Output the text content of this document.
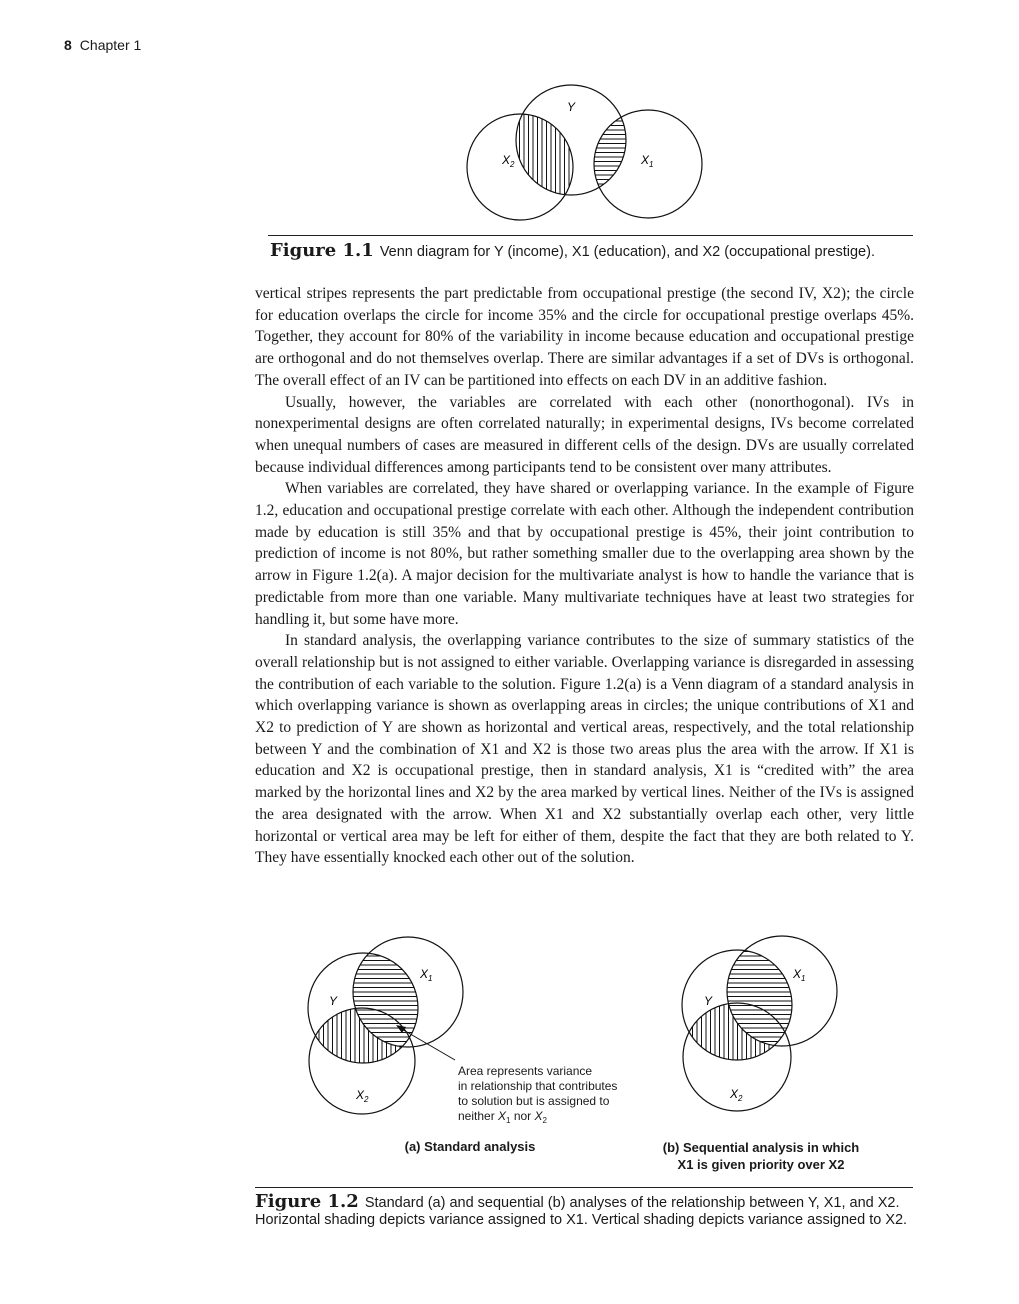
8 Chapter 1
Y
$X_2$	$X_1$
Figure 1.1 Venn diagram for Y (income), X1 (education), and X2 (occupational prestige).

vertical stripes represents the part predictable from occupational prestige (the second IV, X2); the circle for education overlaps the circle for income 35% and the circle for occupational prestige overlaps 45%. Together, they account for 80% of the variability in income because education and occupational prestige are orthogonal and do not themselves overlap. There are similar advantages if a set of DVs is orthogonal. The overall effect of an IV can be partitioned into effects on each DV in an additive fashion.

Usually, however, the variables are correlated with each other (nonorthogonal). IVs in nonexperimental designs are often correlated naturally; in experimental designs, IVs become correlated when unequal numbers of cases are measured in different cells of the design. DVs are usually correlated because individual differences among participants tend to be consistent over many attributes.

When variables are correlated, they have shared or overlapping variance. In the example of Figure 1.2, education and occupational prestige correlate with each other. Although the independent contribution made by education is still 35% and that by occupational prestige is 45%, their joint contribution to prediction of income is not 80%, but rather something smaller due to the overlapping area shown by the arrow in Figure 1.2(a). A major decision for the multivariate analyst is how to handle the variance that is predictable from more than one variable. Many multivariate techniques have at least two strategies for handling it, but some have more.

In standard analysis, the overlapping variance contributes to the size of summary statistics of the overall relationship but is not assigned to either variable. Overlapping variance is disregarded in assessing the contribution of each variable to the solution. Figure 1.2(a) is a Venn diagram of a standard analysis in which overlapping variance is shown as overlapping areas in circles; the unique contributions of X1 and X2 to prediction of Y are shown as horizontal and vertical areas, respectively, and the total relationship between Y and the combination of X1 and X2 is those two areas plus the area with the arrow. If X1 is education and X2 is occupational prestige, then in standard analysis, X1 is “credited with” the area marked by the horizontal lines and X2 by the area marked by vertical lines. Neither of the IVs is assigned the area designated with the arrow. When X1 and X2 substantially overlap each other, very little horizontal or vertical area may be left for either of them, despite the fact that they are both related to Y. They have essentially knocked each other out of the solution.

Y
$X_1$
$X_2$
Area represents variance in relationship that contributes to solution but is assigned to
neither $X_1$ nor $X_2$
Y
$X_1$
$X_2$
(a) Standard analysis	(b) Sequential analysis in which
X1 is given priority over X2
Figure 1.2 Standard (a) and sequential (b) analyses of the relationship between Y, X1, and X2. Horizontal shading depicts variance assigned to X1. Vertical shading depicts variance assigned to X2.
